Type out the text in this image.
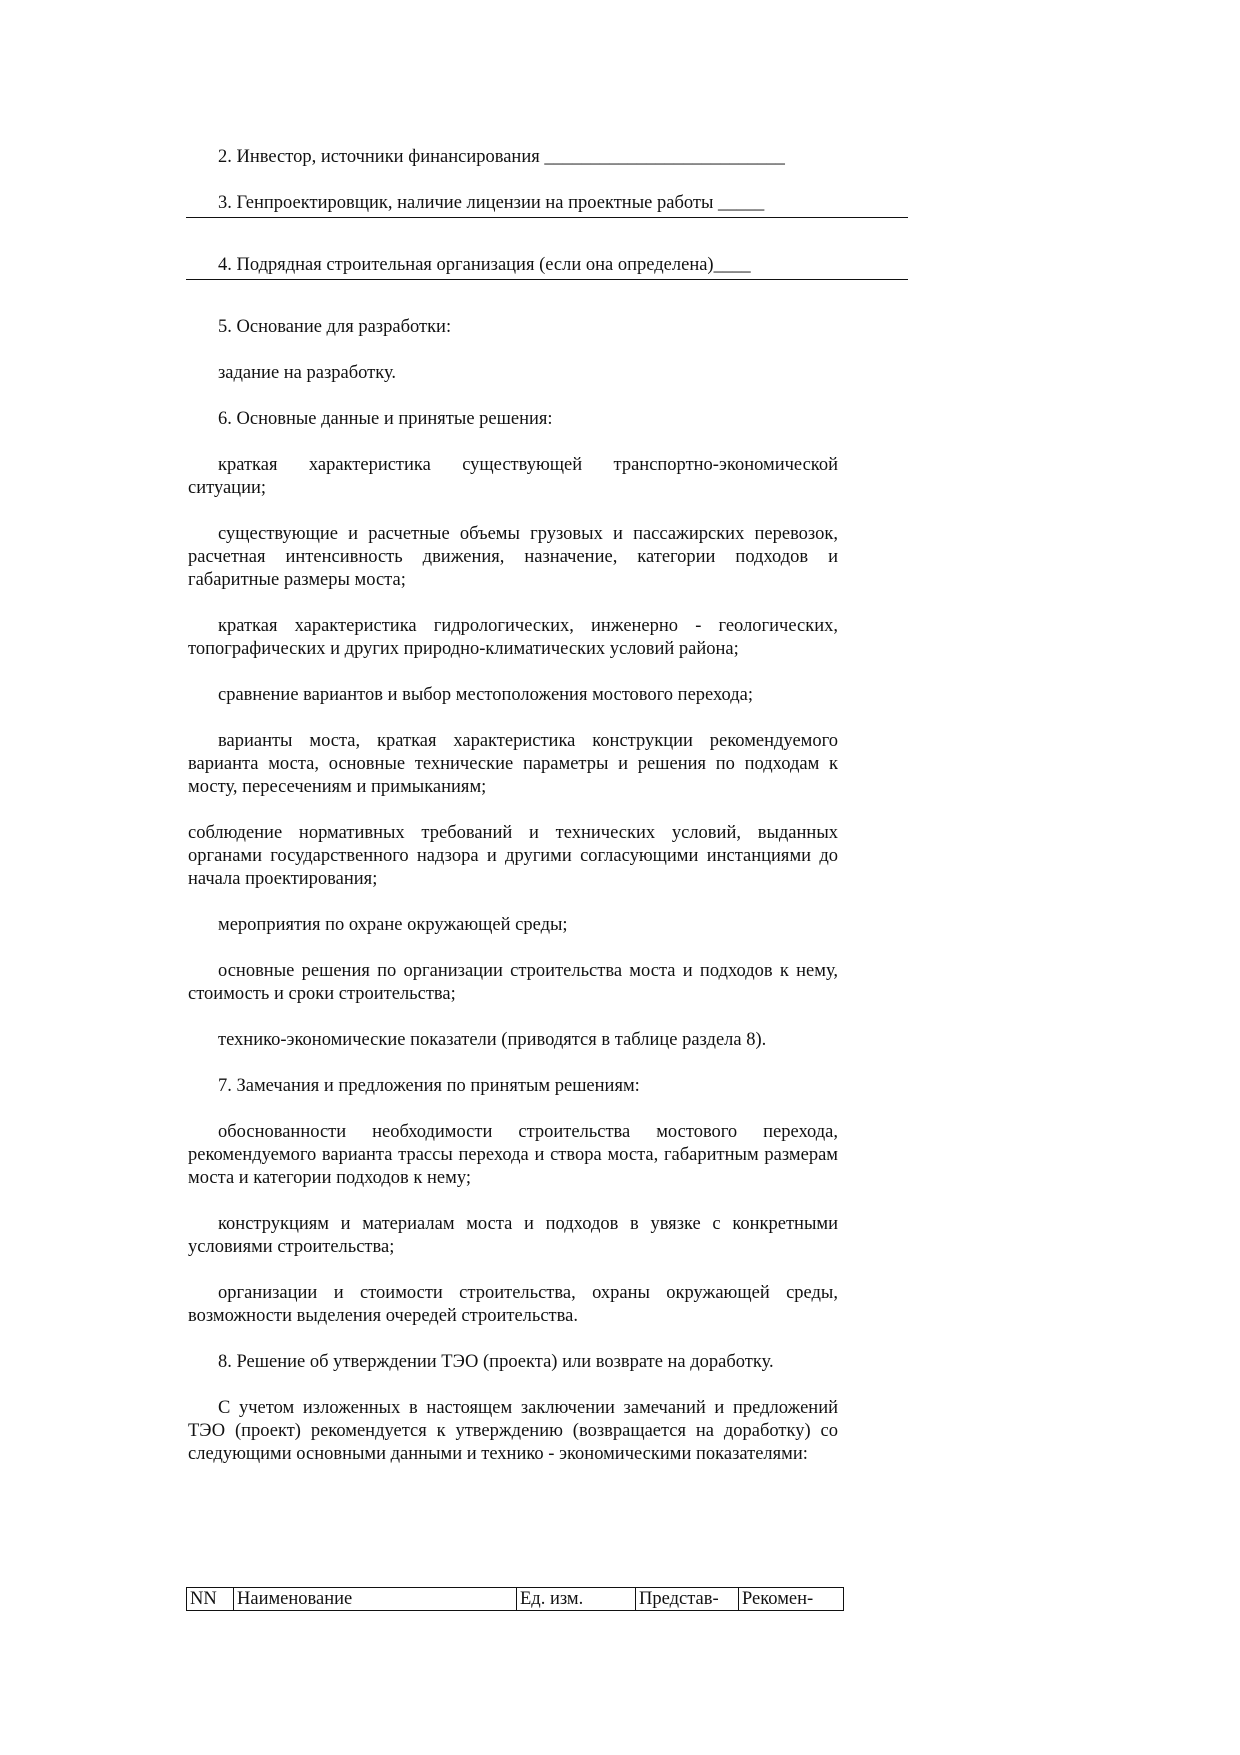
2. Инвестор, источники финансирования __________________________

3. Генпроектировщик, наличие лицензии на проектные работы _____

4. Подрядная строительная организация (если она определена)____

5. Основание для разработки:

задание на разработку.

6. Основные данные и принятые решения:

краткая характеристика существующей транспортно-экономической ситуации;

существующие и расчетные объемы грузовых и пассажирских перевозок, расчетная интенсивность движения, назначение, категории подходов и габаритные размеры моста;

краткая характеристика гидрологических, инженерно - геологических, топографических и других природно-климатических условий района;

сравнение вариантов и выбор местоположения мостового перехода;

варианты моста, краткая характеристика конструкции рекомендуемого варианта моста, основные технические параметры и решения по подходам к мосту, пересечениям и примыканиям;

соблюдение нормативных требований и технических условий, выданных органами государственного надзора и другими согласующими инстанциями до начала проектирования;

мероприятия по охране окружающей среды;

основные решения по организации строительства моста и подходов к нему, стоимость и сроки строительства;

технико-экономические показатели (приводятся в таблице раздела 8).

7. Замечания и предложения по принятым решениям:

обоснованности необходимости строительства мостового перехода, рекомендуемого варианта трассы перехода и створа моста, габаритным размерам моста и категории подходов к нему;

конструкциям и материалам моста и подходов в увязке с конкретными условиями строительства;

организации и стоимости строительства, охраны окружающей среды, возможности выделения очередей строительства.

8. Решение об утверждении ТЭО (проекта) или возврате на доработку.

С учетом изложенных в настоящем заключении замечаний и предложений ТЭО (проект) рекомендуется к утверждению (возвращается на доработку) со следующими основными данными и технико - экономическими показателями:

NN	Наименование	Ед. изм.	Представ-	Рекомен-
